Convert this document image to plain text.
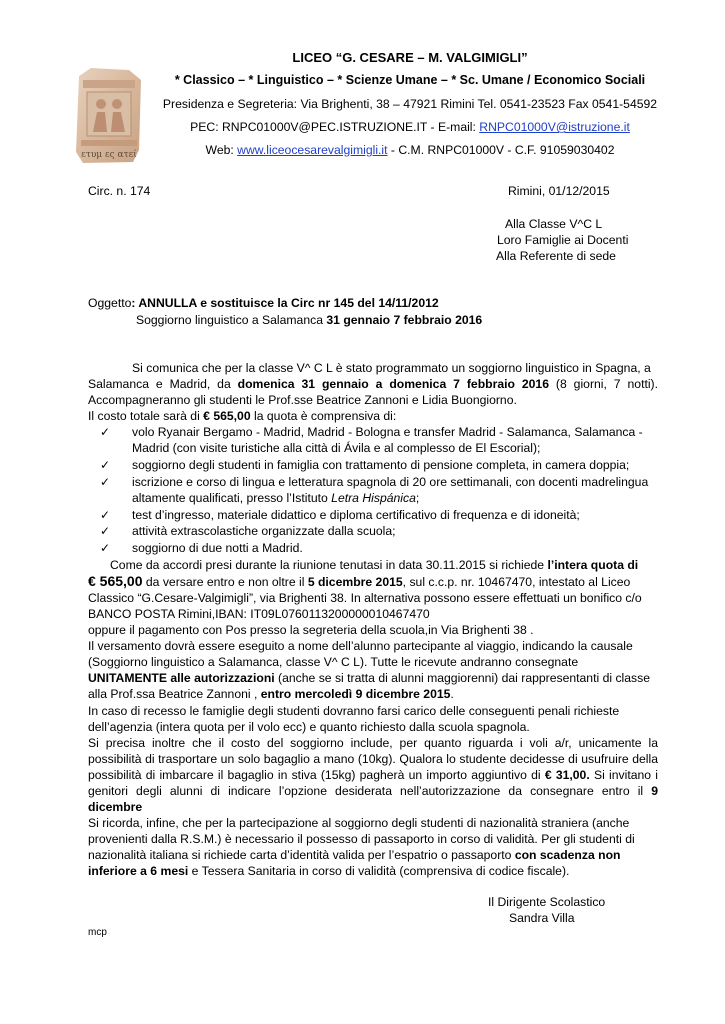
ετυμ ες ατεί
LICEO “G. CESARE – M. VALGIMIGLI”
* Classico – * Linguistico – * Scienze Umane – * Sc. Umane / Economico Sociali
Presidenza e Segreteria: Via Brighenti, 38 – 47921 Rimini Tel. 0541-23523 Fax 0541-54592
PEC: RNPC01000V@PEC.ISTRUZIONE.IT - E-mail: RNPC01000V@istruzione.it
Web: www.liceocesarevalgimigli.it - C.M. RNPC01000V - C.F. 91059030402
Circ. n. 174	Rimini, 01/12/2015
Alla Classe V^C L
Loro Famiglie ai Docenti
Alla Referente di sede
Oggetto: ANNULLA e sostituisce la Circ nr 145 del 14/11/2012
Soggiorno linguistico a Salamanca 31 gennaio 7 febbraio 2016
Si comunica che per la classe V^ C L è stato programmato un soggiorno linguistico in Spagna, a
Salamanca e Madrid, da domenica 31 gennaio a domenica 7 febbraio 2016 (8 giorni, 7 notti).
Accompagneranno gli studenti le Prof.sse Beatrice Zannoni e Lidia Buongiorno.
Il costo totale sarà di € 565,00 la quota è comprensiva di:
✓ volo Ryanair Bergamo - Madrid, Madrid - Bologna e transfer Madrid - Salamanca, Salamanca -
Madrid (con visite turistiche alla città di Ávila e al complesso de El Escorial);
✓ soggiorno degli studenti in famiglia con trattamento di pensione completa, in camera doppia;
✓ iscrizione e corso di lingua e letteratura spagnola di 20 ore settimanali, con docenti madrelingua
altamente qualificati, presso l’Istituto Letra Hispánica;
✓ test d’ingresso, materiale didattico e diploma certificativo di frequenza e di idoneità;
✓ attività extrascolastiche organizzate dalla scuola;
✓ soggiorno di due notti a Madrid.
Come da accordi presi durante la riunione tenutasi in data 30.11.2015 si richiede l’intera quota di
€ 565,00 da versare entro e non oltre il 5 dicembre 2015, sul c.c.p. nr. 10467470, intestato al Liceo
Classico “G.Cesare-Valgimigli”, via Brighenti 38. In alternativa possono essere effettuati un bonifico c/o
BANCO POSTA Rimini,IBAN: IT09L0760113200000010467470
oppure il pagamento con Pos presso la segreteria della scuola,in Via Brighenti 38 .
Il versamento dovrà essere eseguito a nome dell’alunno partecipante al viaggio, indicando la causale
(Soggiorno linguistico a Salamanca, classe V^ C L). Tutte le ricevute andranno consegnate
UNITAMENTE alle autorizzazioni (anche se si tratta di alunni maggiorenni) dai rappresentanti di classe
alla Prof.ssa Beatrice Zannoni , entro mercoledì 9 dicembre 2015.
In caso di recesso le famiglie degli studenti dovranno farsi carico delle conseguenti penali richieste
dell’agenzia (intera quota per il volo ecc) e quanto richiesto dalla scuola spagnola.
Si precisa inoltre che il costo del soggiorno include, per quanto riguarda i voli a/r, unicamente la
possibilità di trasportare un solo bagaglio a mano (10kg). Qualora lo studente decidesse di usufruire della
possibilità di imbarcare il bagaglio in stiva (15kg) pagherà un importo aggiuntivo di € 31,00. Si invitano i
genitori degli alunni di indicare l’opzione desiderata nell’autorizzazione da consegnare entro il 9
dicembre
Si ricorda, infine, che per la partecipazione al soggiorno degli studenti di nazionalità straniera (anche
provenienti dalla R.S.M.) è necessario il possesso di passaporto in corso di validità. Per gli studenti di
nazionalità italiana si richiede carta d’identità valida per l’espatrio o passaporto con scadenza non
inferiore a 6 mesi e Tessera Sanitaria in corso di validità (comprensiva di codice fiscale).
Il Dirigente Scolastico
Sandra Villa
mcp
